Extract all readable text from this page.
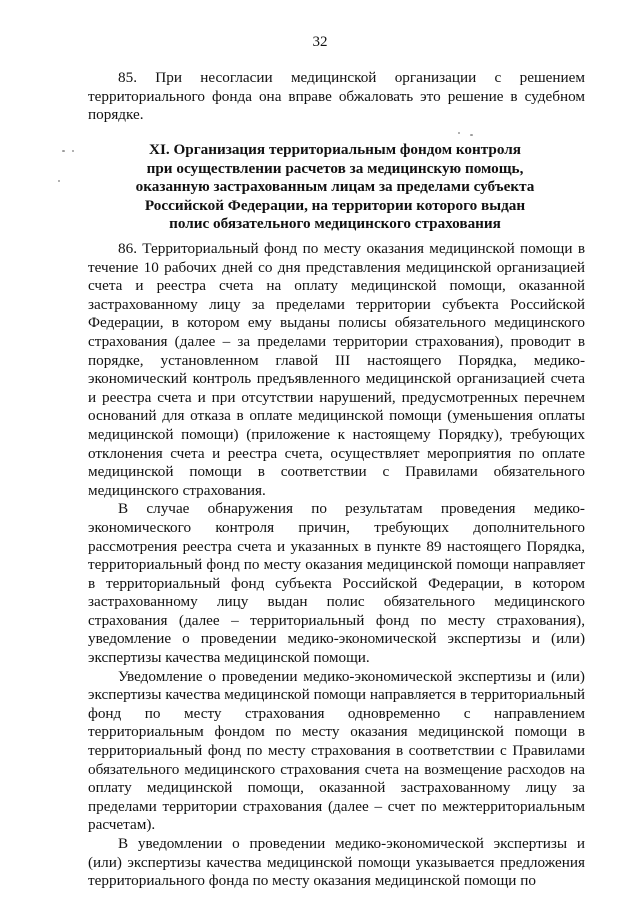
32

85. При несогласии медицинской организации с решением территориального фонда она вправе обжаловать это решение в судебном порядке.

XI. Организация территориальным фондом контроля
при осуществлении расчетов за медицинскую помощь,
оказанную застрахованным лицам за пределами субъекта
Российской Федерации, на территории которого выдан
полис обязательного медицинского страхования

86. Территориальный фонд по месту оказания медицинской помощи в течение 10 рабочих дней со дня представления медицинской организацией счета и реестра счета на оплату медицинской помощи, оказанной застрахованному лицу за пределами территории субъекта Российской Федерации, в котором ему выданы полисы обязательного медицинского страхования (далее – за пределами территории страхования), проводит в порядке, установленном главой III настоящего Порядка, медико-экономический контроль предъявленного медицинской организацией счета и реестра счета и при отсутствии нарушений, предусмотренных перечнем оснований для отказа в оплате медицинской помощи (уменьшения оплаты медицинской помощи) (приложение к настоящему Порядку), требующих отклонения счета и реестра счета, осуществляет мероприятия по оплате медицинской помощи в соответствии с Правилами обязательного медицинского страхования.

В случае обнаружения по результатам проведения медико-экономического контроля причин, требующих дополнительного рассмотрения реестра счета и указанных в пункте 89 настоящего Порядка, территориальный фонд по месту оказания медицинской помощи направляет в территориальный фонд субъекта Российской Федерации, в котором застрахованному лицу выдан полис обязательного медицинского страхования (далее – территориальный фонд по месту страхования), уведомление о проведении медико-экономической экспертизы и (или) экспертизы качества медицинской помощи.

Уведомление о проведении медико-экономической экспертизы и (или) экспертизы качества медицинской помощи направляется в территориальный фонд по месту страхования одновременно с направлением территориальным фондом по месту оказания медицинской помощи в территориальный фонд по месту страхования в соответствии с Правилами обязательного медицинского страхования счета на возмещение расходов на оплату медицинской помощи, оказанной застрахованному лицу за пределами территории страхования (далее – счет по межтерриториальным расчетам).

В уведомлении о проведении медико-экономической экспертизы и (или) экспертизы качества медицинской помощи указывается предложения территориального фонда по месту оказания медицинской помощи по
